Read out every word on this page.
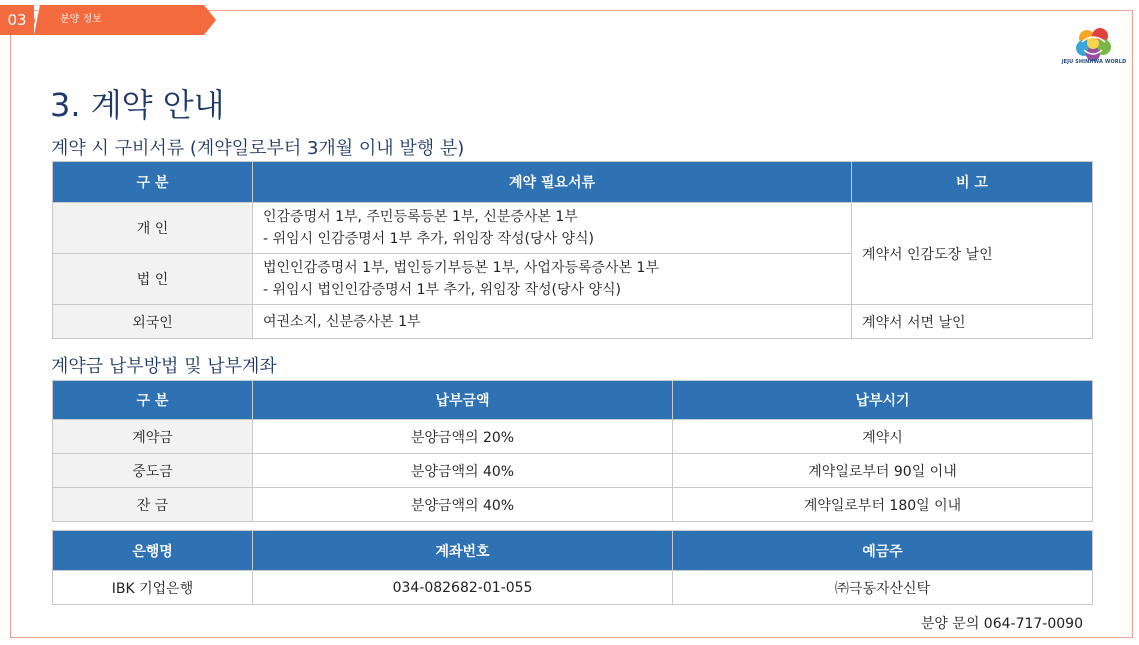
03	분양 정보
JEJU SHINHWA WORLD
3. 계약 안내
계약 시 구비서류 (계약일로부터 3개월 이내 발행 분)
구 분	계약 필요서류	비 고
개 인	인감증명서 1부, 주민등록등본 1부, 신분증사본 1부
- 위임시 인감증명서 1부 추가, 위임장 작성(당사 양식)	계약서 인감도장 날인
법 인	법인인감증명서 1부, 법인등기부등본 1부, 사업자등록증사본 1부
- 위임시 법인인감증명서 1부 추가, 위임장 작성(당사 양식)	

외국인	여권소지, 신분증사본 1부	계약서 서면 날인
계약금 납부방법 및 납부계좌
구 분	납부금액	납부시기
계약금	분양금액의 20%	계약시
중도금	분양금액의 40%	계약일로부터 90일 이내
잔 금	분양금액의 40%	계약일로부터 180일 이내
은행명	계좌번호	예금주
IBK 기업은행	034-082682-01-055	㈜극동자산신탁
분양 문의 064-717-0090
